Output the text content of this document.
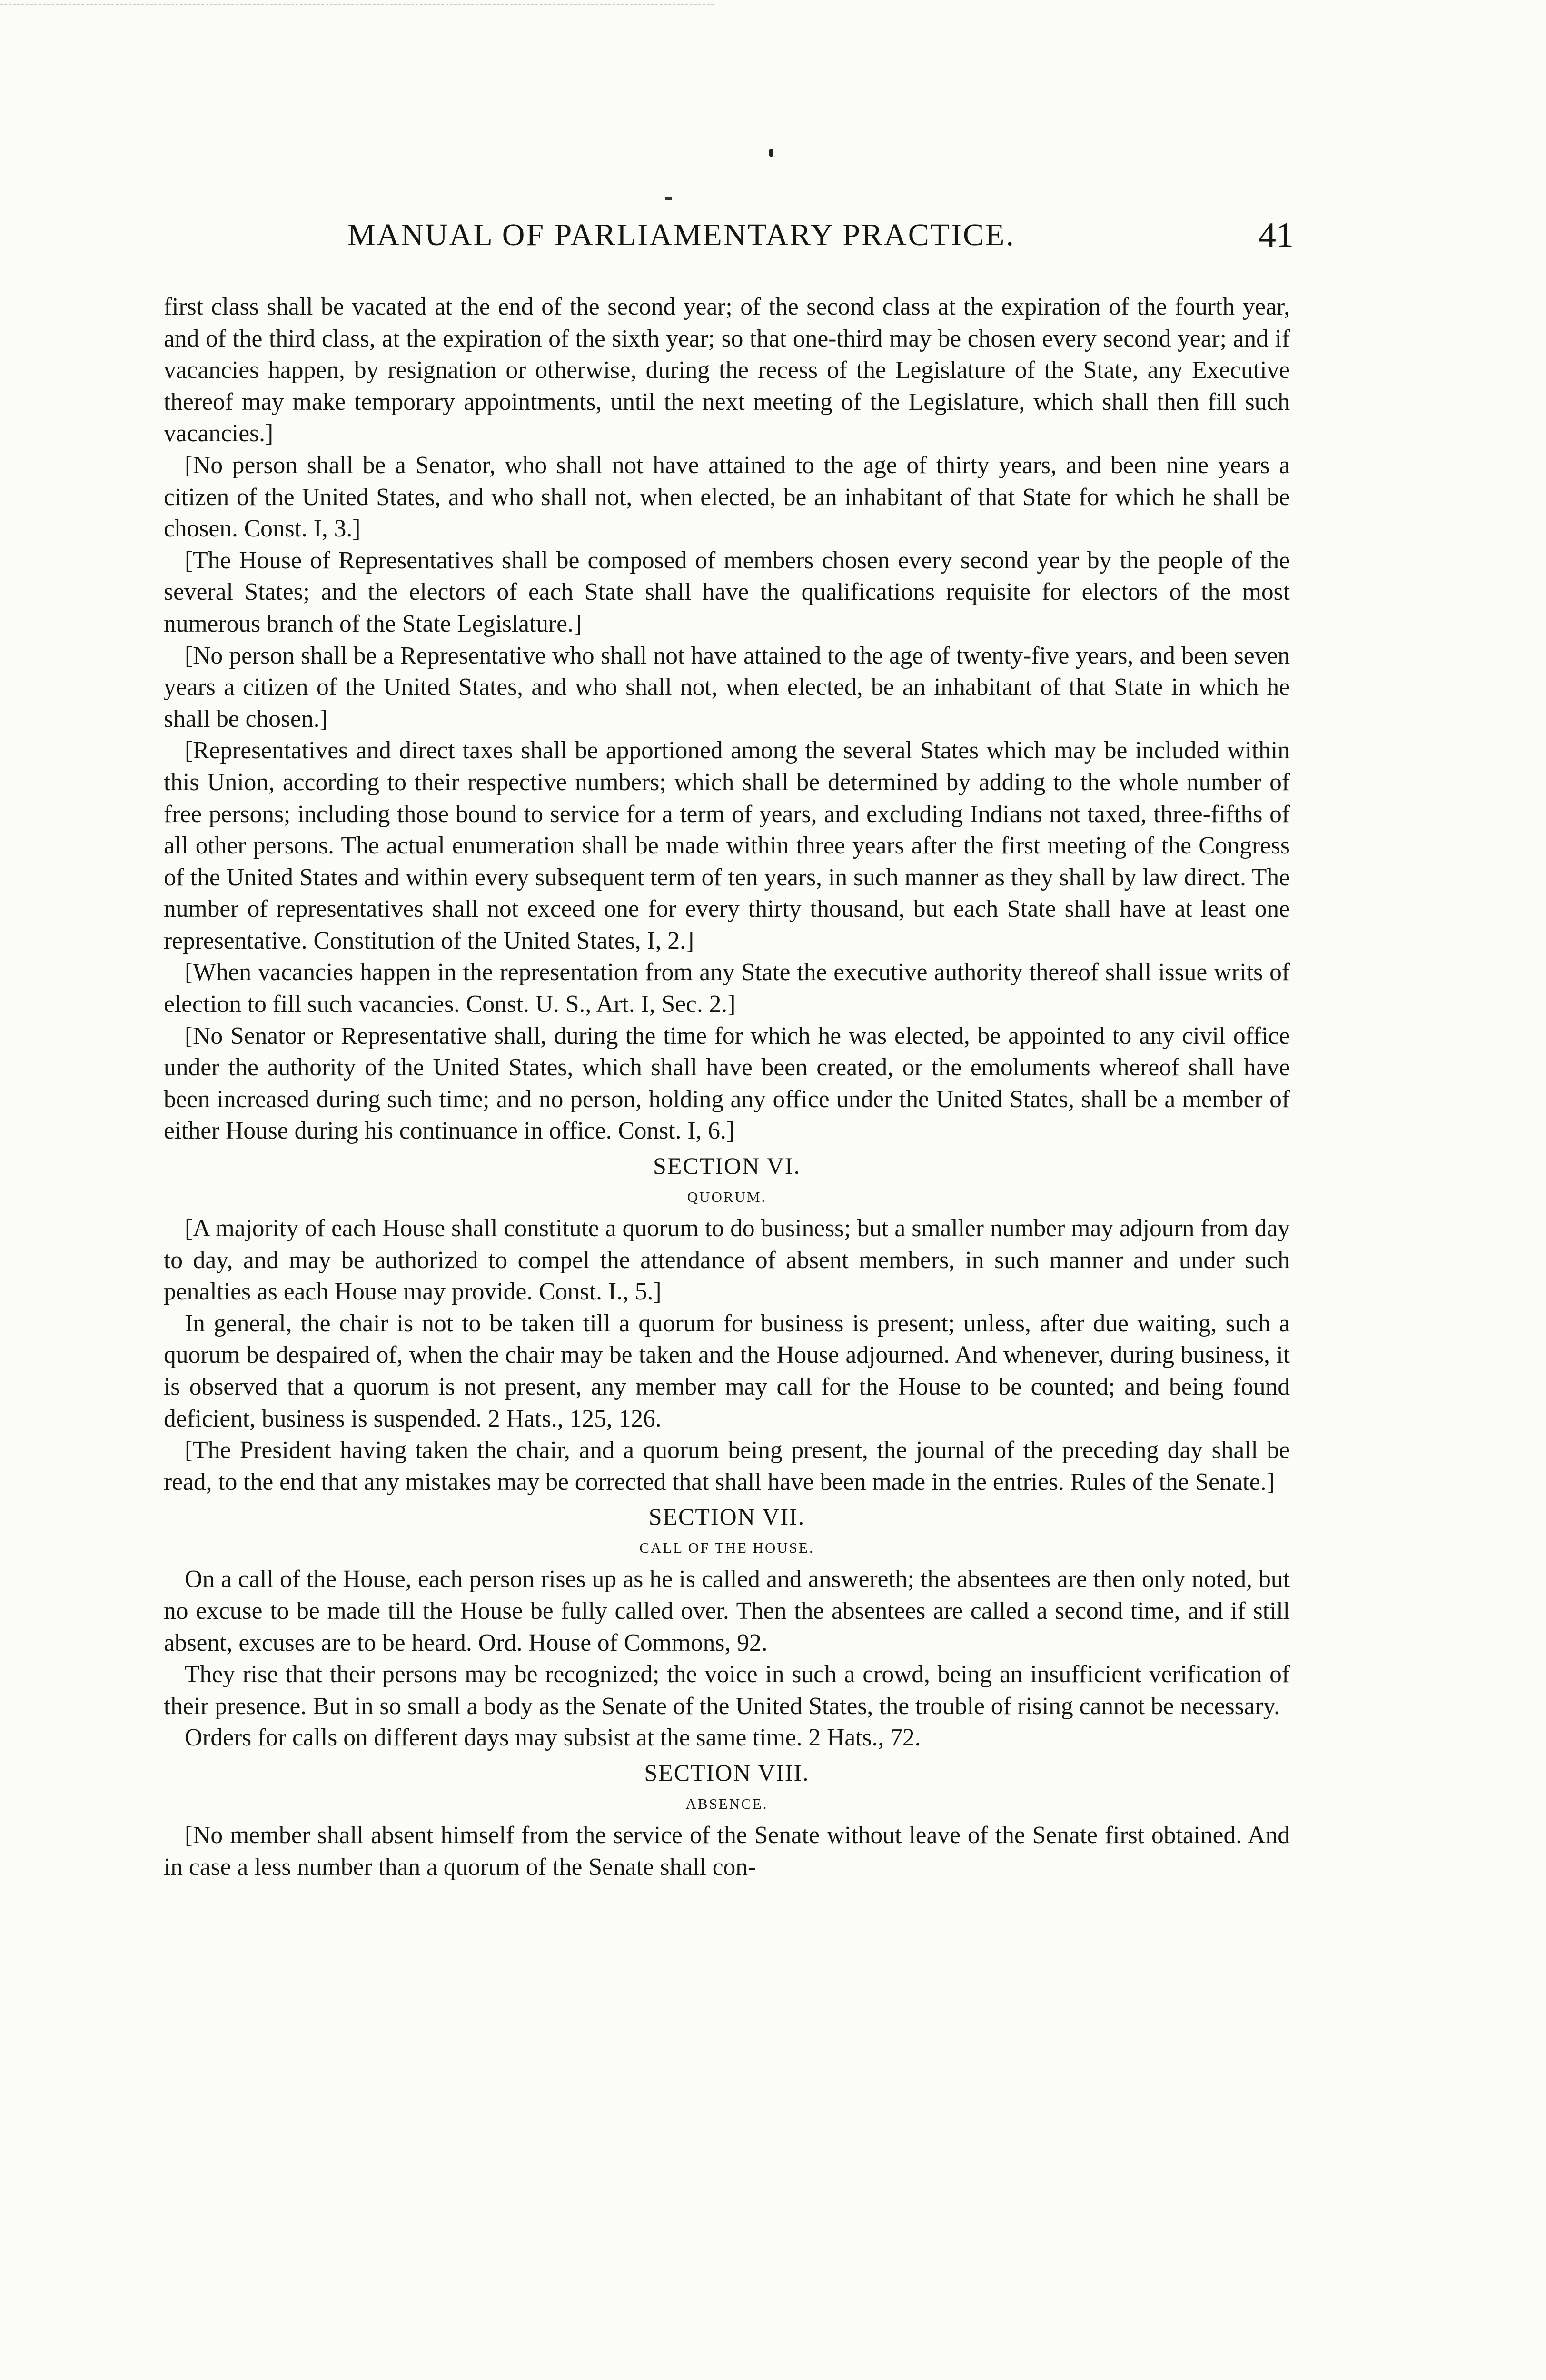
MANUAL OF PARLIAMENTARY PRACTICE.	41

first class shall be vacated at the end of the second year; of the second class at the expiration of the fourth year, and of the third class, at the expiration of the sixth year; so that one-third may be chosen every second year; and if vacancies happen, by resignation or otherwise, during the recess of the Legislature of the State, any Executive thereof may make temporary appointments, until the next meeting of the Legislature, which shall then fill such vacancies.]

[No person shall be a Senator, who shall not have attained to the age of thirty years, and been nine years a citizen of the United States, and who shall not, when elected, be an inhabitant of that State for which he shall be chosen. Const. I, 3.]

[The House of Representatives shall be composed of members chosen every second year by the people of the several States; and the electors of each State shall have the qualifications requisite for electors of the most numerous branch of the State Legislature.]

[No person shall be a Representative who shall not have attained to the age of twenty-five years, and been seven years a citizen of the United States, and who shall not, when elected, be an inhabitant of that State in which he shall be chosen.]

[Representatives and direct taxes shall be apportioned among the several States which may be included within this Union, according to their respective numbers; which shall be determined by adding to the whole number of free persons; including those bound to service for a term of years, and excluding Indians not taxed, three-fifths of all other persons. The actual enumeration shall be made within three years after the first meeting of the Congress of the United States and within every subsequent term of ten years, in such manner as they shall by law direct. The number of representatives shall not exceed one for every thirty thousand, but each State shall have at least one representative. Constitution of the United States, I, 2.]

[When vacancies happen in the representation from any State the executive authority thereof shall issue writs of election to fill such vacancies. Const. U. S., Art. I, Sec. 2.]

[No Senator or Representative shall, during the time for which he was elected, be appointed to any civil office under the authority of the United States, which shall have been created, or the emoluments whereof shall have been increased during such time; and no person, holding any office under the United States, shall be a member of either House during his continuance in office. Const. I, 6.]

SECTION VI.

QUORUM.

[A majority of each House shall constitute a quorum to do business; but a smaller number may adjourn from day to day, and may be authorized to compel the attendance of absent members, in such manner and under such penalties as each House may provide. Const. I., 5.]

In general, the chair is not to be taken till a quorum for business is present; unless, after due waiting, such a quorum be despaired of, when the chair may be taken and the House adjourned. And whenever, during business, it is observed that a quorum is not present, any member may call for the House to be counted; and being found deficient, business is suspended. 2 Hats., 125, 126.

[The President having taken the chair, and a quorum being present, the journal of the preceding day shall be read, to the end that any mistakes may be corrected that shall have been made in the entries. Rules of the Senate.]

SECTION VII.

CALL OF THE HOUSE.

On a call of the House, each person rises up as he is called and answereth; the absentees are then only noted, but no excuse to be made till the House be fully called over. Then the absentees are called a second time, and if still absent, excuses are to be heard. Ord. House of Commons, 92.

They rise that their persons may be recognized; the voice in such a crowd, being an insufficient verification of their presence. But in so small a body as the Senate of the United States, the trouble of rising cannot be necessary.

Orders for calls on different days may subsist at the same time. 2 Hats., 72.

SECTION VIII.

ABSENCE.

[No member shall absent himself from the service of the Senate without leave of the Senate first obtained. And in case a less number than a quorum of the Senate shall con-
